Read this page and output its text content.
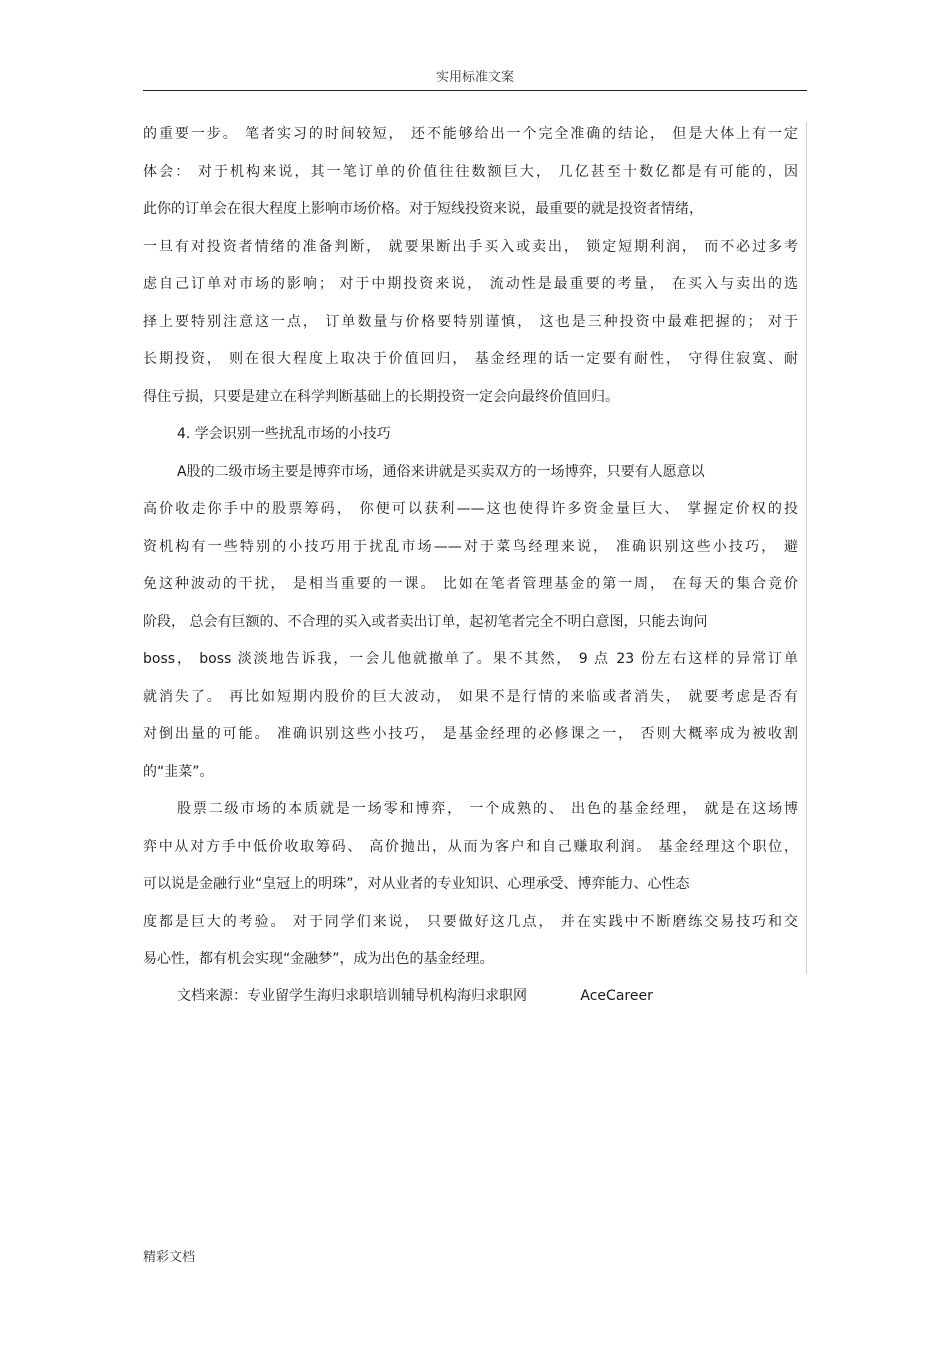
实用标准文案
的重要一步。 笔者实习的时间较短， 还不能够给出一个完全准确的结论， 但是大体上有一定
体会： 对于机构来说，其一笔订单的价值往往数额巨大， 几亿甚至十数亿都是有可能的，因
此你的订单会在很大程度上影响市场价格。对于短线投资来说，最重要的就是投资者情绪，
一旦有对投资者情绪的准备判断， 就要果断出手买入或卖出， 锁定短期利润， 而不必过多考
虑自己订单对市场的影响； 对于中期投资来说， 流动性是最重要的考量， 在买入与卖出的选
择上要特别注意这一点， 订单数量与价格要特别谨慎， 这也是三种投资中最难把握的； 对于
长期投资， 则在很大程度上取决于价值回归， 基金经理的话一定要有耐性， 守得住寂寞、耐
得住亏损，只要是建立在科学判断基础上的长期投资一定会向最终价值回归。
4. 学会识别一些扰乱市场的小技巧
A股的二级市场主要是博弈市场，通俗来讲就是买卖双方的一场博弈，只要有人愿意以
高价收走你手中的股票筹码， 你便可以获利——这也使得许多资金量巨大、 掌握定价权的投
资机构有一些特别的小技巧用于扰乱市场——对于菜鸟经理来说， 准确识别这些小技巧， 避
免这种波动的干扰， 是相当重要的一课。 比如在笔者管理基金的第一周， 在每天的集合竞价
阶段， 总会有巨额的、不合理的买入或者卖出订单，起初笔者完全不明白意图，只能去询问
boss， boss 淡淡地告诉我，一会儿他就撤单了。果不其然， 9 点 23 份左右这样的异常订单
就消失了。 再比如短期内股价的巨大波动， 如果不是行情的来临或者消失， 就要考虑是否有
对倒出量的可能。 准确识别这些小技巧， 是基金经理的必修课之一， 否则大概率成为被收割
的“韭菜”。
股票二级市场的本质就是一场零和博弈， 一个成熟的、 出色的基金经理， 就是在这场博
弈中从对方手中低价收取筹码、 高价抛出，从而为客户和自己赚取利润。 基金经理这个职位，
可以说是金融行业“皇冠上的明珠”，对从业者的专业知识、心理承受、博弈能力、心性态
度都是巨大的考验。 对于同学们来说， 只要做好这几点， 并在实践中不断磨练交易技巧和交
易心性，都有机会实现“金融梦”，成为出色的基金经理。
文档来源：专业留学生海归求职培训辅导机构海归求职网            AceCareer
精彩文档
